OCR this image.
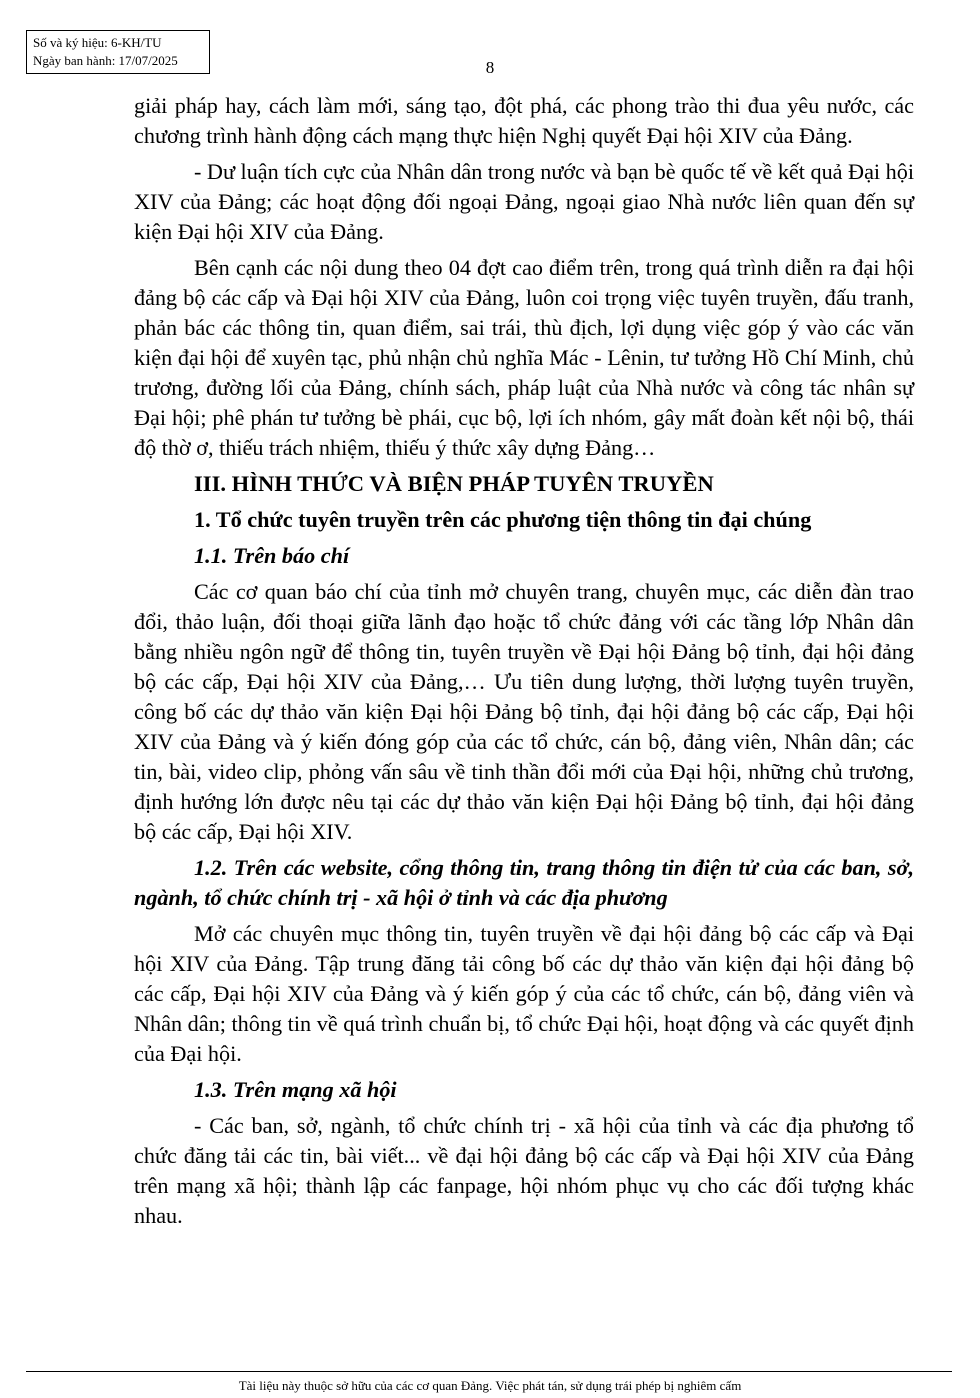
Số và ký hiệu: 6-KH/TU
Ngày ban hành: 17/07/2025	8

giải pháp hay, cách làm mới, sáng tạo, đột phá, các phong trào thi đua yêu nước, các chương trình hành động cách mạng thực hiện Nghị quyết Đại hội XIV của Đảng.

- Dư luận tích cực của Nhân dân trong nước và bạn bè quốc tế về kết quả Đại hội XIV của Đảng; các hoạt động đối ngoại Đảng, ngoại giao Nhà nước liên quan đến sự kiện Đại hội XIV của Đảng.

Bên cạnh các nội dung theo 04 đợt cao điểm trên, trong quá trình diễn ra đại hội đảng bộ các cấp và Đại hội XIV của Đảng, luôn coi trọng việc tuyên truyền, đấu tranh, phản bác các thông tin, quan điểm, sai trái, thù địch, lợi dụng việc góp ý vào các văn kiện đại hội để xuyên tạc, phủ nhận chủ nghĩa Mác - Lênin, tư tưởng Hồ Chí Minh, chủ trương, đường lối của Đảng, chính sách, pháp luật của Nhà nước và công tác nhân sự Đại hội; phê phán tư tưởng bè phái, cục bộ, lợi ích nhóm, gây mất đoàn kết nội bộ, thái độ thờ ơ, thiếu trách nhiệm, thiếu ý thức xây dựng Đảng…

III. HÌNH THỨC VÀ BIỆN PHÁP TUYÊN TRUYỀN

1. Tổ chức tuyên truyền trên các phương tiện thông tin đại chúng

1.1. Trên báo chí

Các cơ quan báo chí của tỉnh mở chuyên trang, chuyên mục, các diễn đàn trao đổi, thảo luận, đối thoại giữa lãnh đạo hoặc tổ chức đảng với các tầng lớp Nhân dân bằng nhiều ngôn ngữ để thông tin, tuyên truyền về Đại hội Đảng bộ tỉnh, đại hội đảng bộ các cấp, Đại hội XIV của Đảng,… Ưu tiên dung lượng, thời lượng tuyên truyền, công bố các dự thảo văn kiện Đại hội Đảng bộ tỉnh, đại hội đảng bộ các cấp, Đại hội XIV của Đảng và ý kiến đóng góp của các tổ chức, cán bộ, đảng viên, Nhân dân; các tin, bài, video clip, phỏng vấn sâu về tinh thần đổi mới của Đại hội, những chủ trương, định hướng lớn được nêu tại các dự thảo văn kiện Đại hội Đảng bộ tỉnh, đại hội đảng bộ các cấp, Đại hội XIV.

1.2. Trên các website, cổng thông tin, trang thông tin điện tử của các ban, sở, ngành, tổ chức chính trị - xã hội ở tỉnh và các địa phương

Mở các chuyên mục thông tin, tuyên truyền về đại hội đảng bộ các cấp và Đại hội XIV của Đảng. Tập trung đăng tải công bố các dự thảo văn kiện đại hội đảng bộ các cấp, Đại hội XIV của Đảng và ý kiến góp ý của các tổ chức, cán bộ, đảng viên và Nhân dân; thông tin về quá trình chuẩn bị, tổ chức Đại hội, hoạt động và các quyết định của Đại hội.

1.3. Trên mạng xã hội

- Các ban, sở, ngành, tổ chức chính trị - xã hội của tỉnh và các địa phương tổ chức đăng tải các tin, bài viết... về đại hội đảng bộ các cấp và Đại hội XIV của Đảng trên mạng xã hội; thành lập các fanpage, hội nhóm phục vụ cho các đối tượng khác nhau.

Tài liệu này thuộc sở hữu của các cơ quan Đảng. Việc phát tán, sử dụng trái phép bị nghiêm cấm
